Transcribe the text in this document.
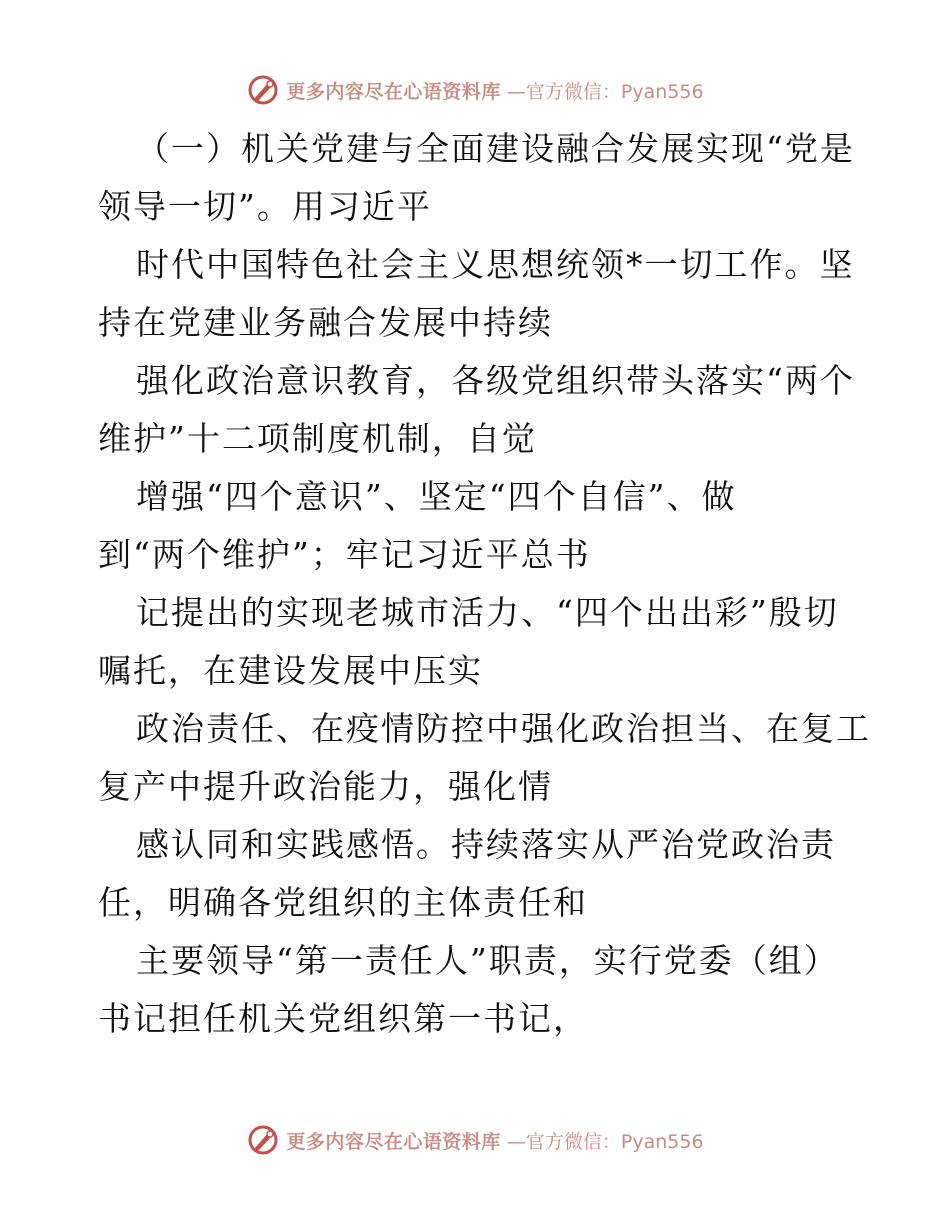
更多内容尽在心语资料库 —官方微信：Pyan556
（一）机关党建与全面建设融合发展实现“党是
领导一切”。用习近平
时代中国特色社会主义思想统领*一切工作。坚
持在党建业务融合发展中持续
强化政治意识教育，各级党组织带头落实“两个
维护”十二项制度机制，自觉
增强“四个意识”、坚定“四个自信”、做
到“两个维护”；牢记习近平总书
记提出的实现老城市活力、“四个出出彩”殷切
嘱托，在建设发展中压实
政治责任、在疫情防控中强化政治担当、在复工
复产中提升政治能力，强化情
感认同和实践感悟。持续落实从严治党政治责
任，明确各党组织的主体责任和
主要领导“第一责任人”职责，实行党委（组）
书记担任机关党组织第一书记，
更多内容尽在心语资料库 —官方微信：Pyan556
